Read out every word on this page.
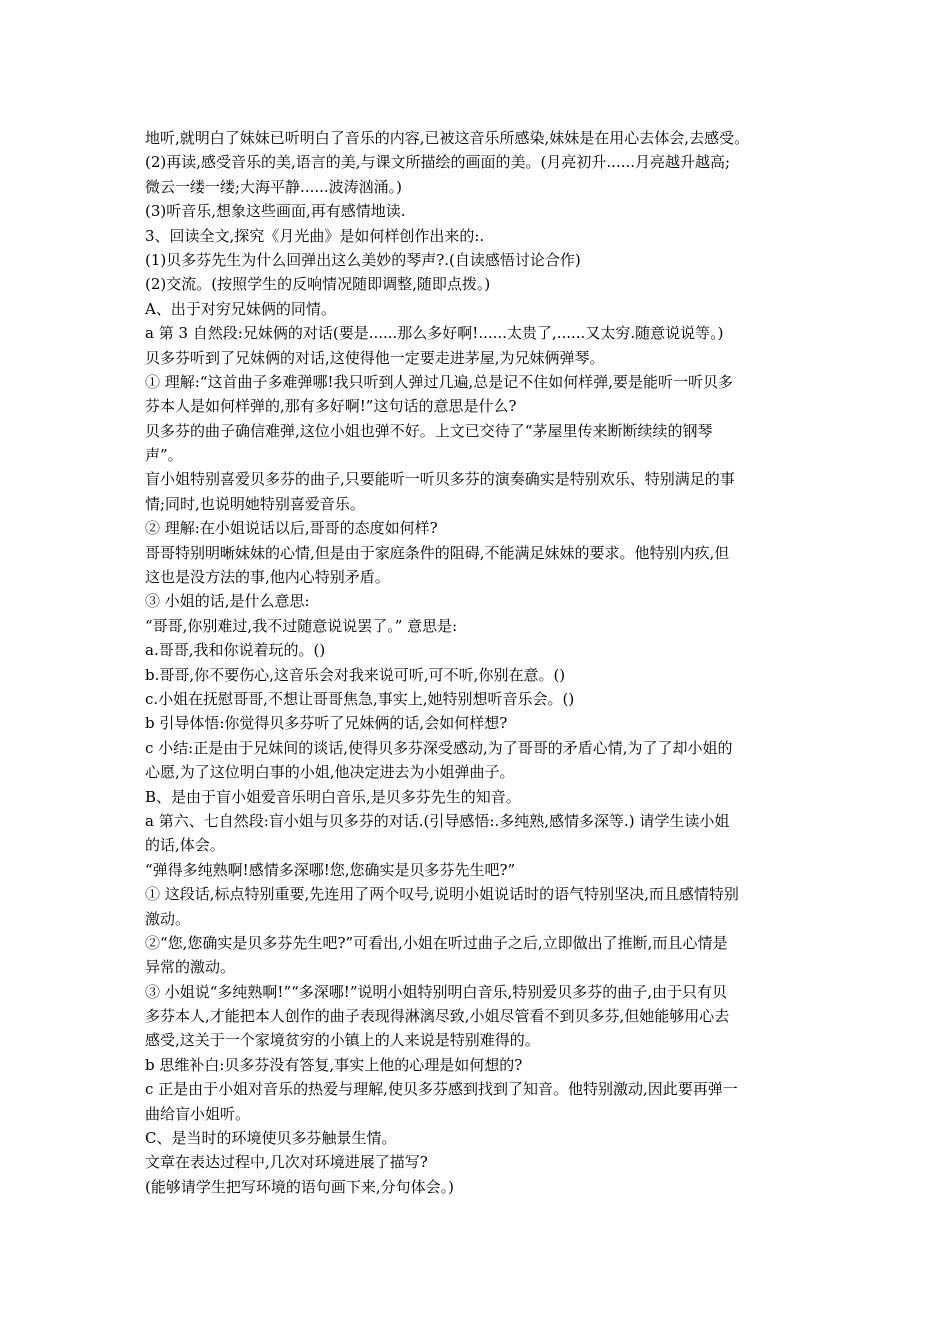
地听,就明白了妹妹已听明白了音乐的内容,已被这音乐所感染,妹妹是在用心去体会,去感受。
(2)再读,感受音乐的美,语言的美,与课文所描绘的画面的美。(月亮初升......月亮越升越高;
微云一缕一缕;大海平静......波涛汹涌。)
(3)听音乐,想象这些画面,再有感情地读.
3、回读全文,探究《月光曲》是如何样创作出来的:.
(1)贝多芬先生为什么回弹出这么美妙的琴声?.(自读感悟讨论合作)
(2)交流。(按照学生的反响情况随即调整,随即点拨。)
A、出于对穷兄妹俩的同情。
a 第 3 自然段:兄妹俩的对话(要是......那么多好啊!......太贵了,......又太穷.随意说说等。)
贝多芬听到了兄妹俩的对话,这使得他一定要走进茅屋,为兄妹俩弹琴。
① 理解:“这首曲子多难弹哪!我只听到人弹过几遍,总是记不住如何样弹,要是能听一听贝多
芬本人是如何样弹的,那有多好啊!”这句话的意思是什么?
贝多芬的曲子确信难弹,这位小姐也弹不好。上文已交待了“茅屋里传来断断续续的钢琴
声”。
盲小姐特别喜爱贝多芬的曲子,只要能听一听贝多芬的演奏确实是特别欢乐、特别满足的事
情;同时,也说明她特别喜爱音乐。
② 理解:在小姐说话以后,哥哥的态度如何样?
哥哥特别明晰妹妹的心情,但是由于家庭条件的阻碍,不能满足妹妹的要求。他特别内疚,但
这也是没方法的事,他内心特别矛盾。
③ 小姐的话,是什么意思:
“哥哥,你别难过,我不过随意说说罢了。” 意思是:
a.哥哥,我和你说着玩的。()
b.哥哥,你不要伤心,这音乐会对我来说可听,可不听,你别在意。()
c.小姐在抚慰哥哥,不想让哥哥焦急,事实上,她特别想听音乐会。()
b 引导体悟:你觉得贝多芬听了兄妹俩的话,会如何样想?
c 小结:正是由于兄妹间的谈话,使得贝多芬深受感动,为了哥哥的矛盾心情,为了了却小姐的
心愿,为了这位明白事的小姐,他决定进去为小姐弹曲子。
B、是由于盲小姐爱音乐明白音乐,是贝多芬先生的知音。
a 第六、七自然段:盲小姐与贝多芬的对话.(引导感悟:.多纯熟,感情多深等.) 请学生读小姐
的话,体会。
“弹得多纯熟啊!感情多深哪!您,您确实是贝多芬先生吧?”
① 这段话,标点特别重要,先连用了两个叹号,说明小姐说话时的语气特别坚决,而且感情特别
激动。
②“您,您确实是贝多芬先生吧?”可看出,小姐在听过曲子之后,立即做出了推断,而且心情是
异常的激动。
③ 小姐说“多纯熟啊!”“多深哪!”说明小姐特别明白音乐,特别爱贝多芬的曲子,由于只有贝
多芬本人,才能把本人创作的曲子表现得淋漓尽致,小姐尽管看不到贝多芬,但她能够用心去
感受,这关于一个家境贫穷的小镇上的人来说是特别难得的。
b 思维补白:贝多芬没有答复,事实上他的心理是如何想的?
c 正是由于小姐对音乐的热爱与理解,使贝多芬感到找到了知音。他特别激动,因此要再弹一
曲给盲小姐听。
C、是当时的环境使贝多芬触景生情。
文章在表达过程中,几次对环境进展了描写?
(能够请学生把写环境的语句画下来,分句体会。)
